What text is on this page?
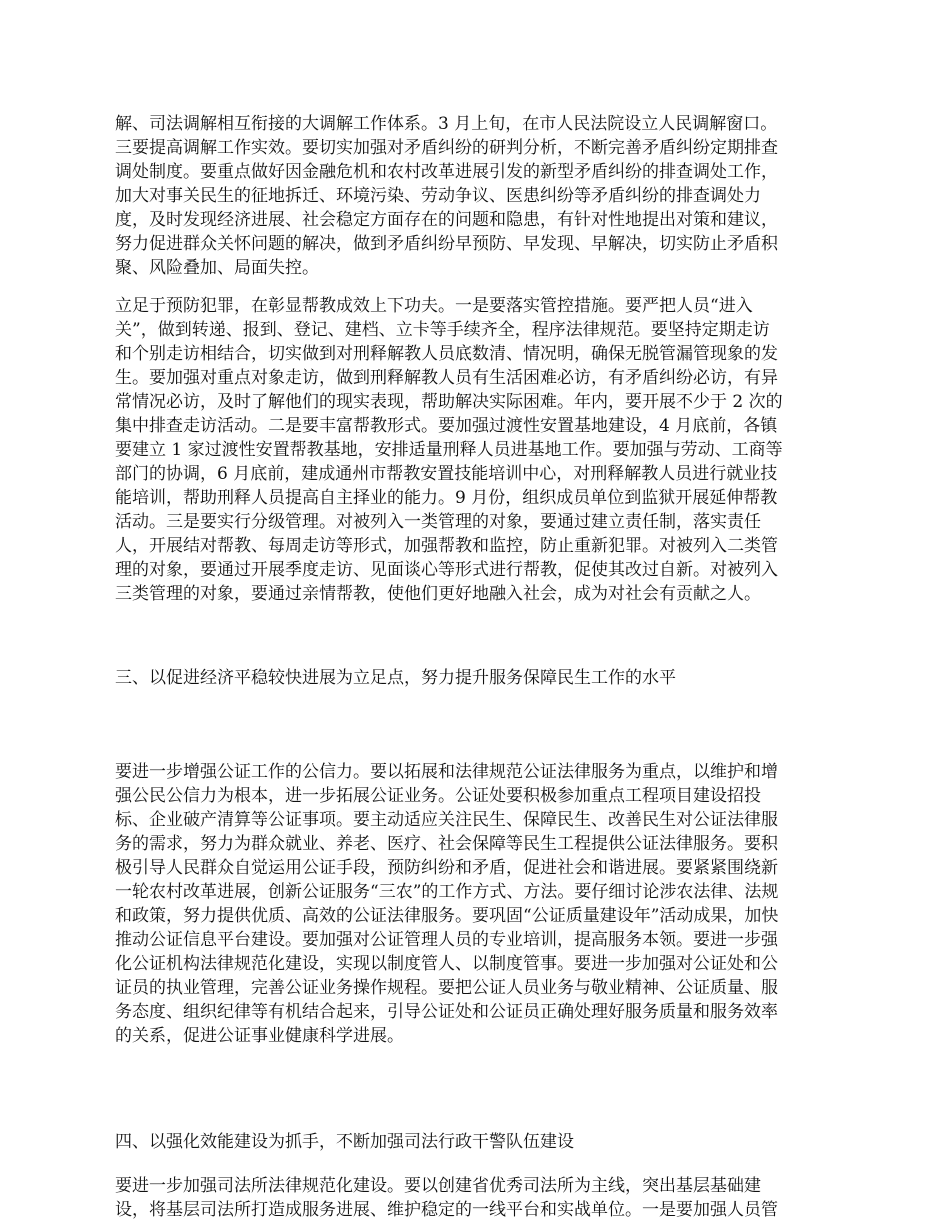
解、司法调解相互衔接的大调解工作体系。3 月上旬，在市人民法院设立人民调解窗口。
三要提高调解工作实效。要切实加强对矛盾纠纷的研判分析，不断完善矛盾纠纷定期排查
调处制度。要重点做好因金融危机和农村改革进展引发的新型矛盾纠纷的排查调处工作，
加大对事关民生的征地拆迁、环境污染、劳动争议、医患纠纷等矛盾纠纷的排查调处力
度，及时发现经济进展、社会稳定方面存在的问题和隐患，有针对性地提出对策和建议，
努力促进群众关怀问题的解决，做到矛盾纠纷早预防、早发现、早解决，切实防止矛盾积
聚、风险叠加、局面失控。
立足于预防犯罪，在彰显帮教成效上下功夫。一是要落实管控措施。要严把人员“进入
关”，做到转递、报到、登记、建档、立卡等手续齐全，程序法律规范。要坚持定期走访
和个别走访相结合，切实做到对刑释解教人员底数清、情况明，确保无脱管漏管现象的发
生。要加强对重点对象走访，做到刑释解教人员有生活困难必访，有矛盾纠纷必访，有异
常情况必访，及时了解他们的现实表现，帮助解决实际困难。年内，要开展不少于 2 次的
集中排查走访活动。二是要丰富帮教形式。要加强过渡性安置基地建设，4 月底前，各镇
要建立 1 家过渡性安置帮教基地，安排适量刑释人员进基地工作。要加强与劳动、工商等
部门的协调，6 月底前，建成通州市帮教安置技能培训中心，对刑释解教人员进行就业技
能培训，帮助刑释人员提高自主择业的能力。9 月份，组织成员单位到监狱开展延伸帮教
活动。三是要实行分级管理。对被列入一类管理的对象，要通过建立责任制，落实责任
人，开展结对帮教、每周走访等形式，加强帮教和监控，防止重新犯罪。对被列入二类管
理的对象，要通过开展季度走访、见面谈心等形式进行帮教，促使其改过自新。对被列入
三类管理的对象，要通过亲情帮教，使他们更好地融入社会，成为对社会有贡献之人。
三、以促进经济平稳较快进展为立足点，努力提升服务保障民生工作的水平
要进一步增强公证工作的公信力。要以拓展和法律规范公证法律服务为重点，以维护和增
强公民公信力为根本，进一步拓展公证业务。公证处要积极参加重点工程项目建设招投
标、企业破产清算等公证事项。要主动适应关注民生、保障民生、改善民生对公证法律服
务的需求，努力为群众就业、养老、医疗、社会保障等民生工程提供公证法律服务。要积
极引导人民群众自觉运用公证手段，预防纠纷和矛盾，促进社会和谐进展。要紧紧围绕新
一轮农村改革进展，创新公证服务“三农”的工作方式、方法。要仔细讨论涉农法律、法规
和政策，努力提供优质、高效的公证法律服务。要巩固“公证质量建设年”活动成果，加快
推动公证信息平台建设。要加强对公证管理人员的专业培训，提高服务本领。要进一步强
化公证机构法律规范化建设，实现以制度管人、以制度管事。要进一步加强对公证处和公
证员的执业管理，完善公证业务操作规程。要把公证人员业务与敬业精神、公证质量、服
务态度、组织纪律等有机结合起来，引导公证处和公证员正确处理好服务质量和服务效率
的关系，促进公证事业健康科学进展。
四、以强化效能建设为抓手，不断加强司法行政干警队伍建设
要进一步加强司法所法律规范化建设。要以创建省优秀司法所为主线，突出基层基础建
设，将基层司法所打造成服务进展、维护稳定的一线平台和实战单位。一是要加强人员管
